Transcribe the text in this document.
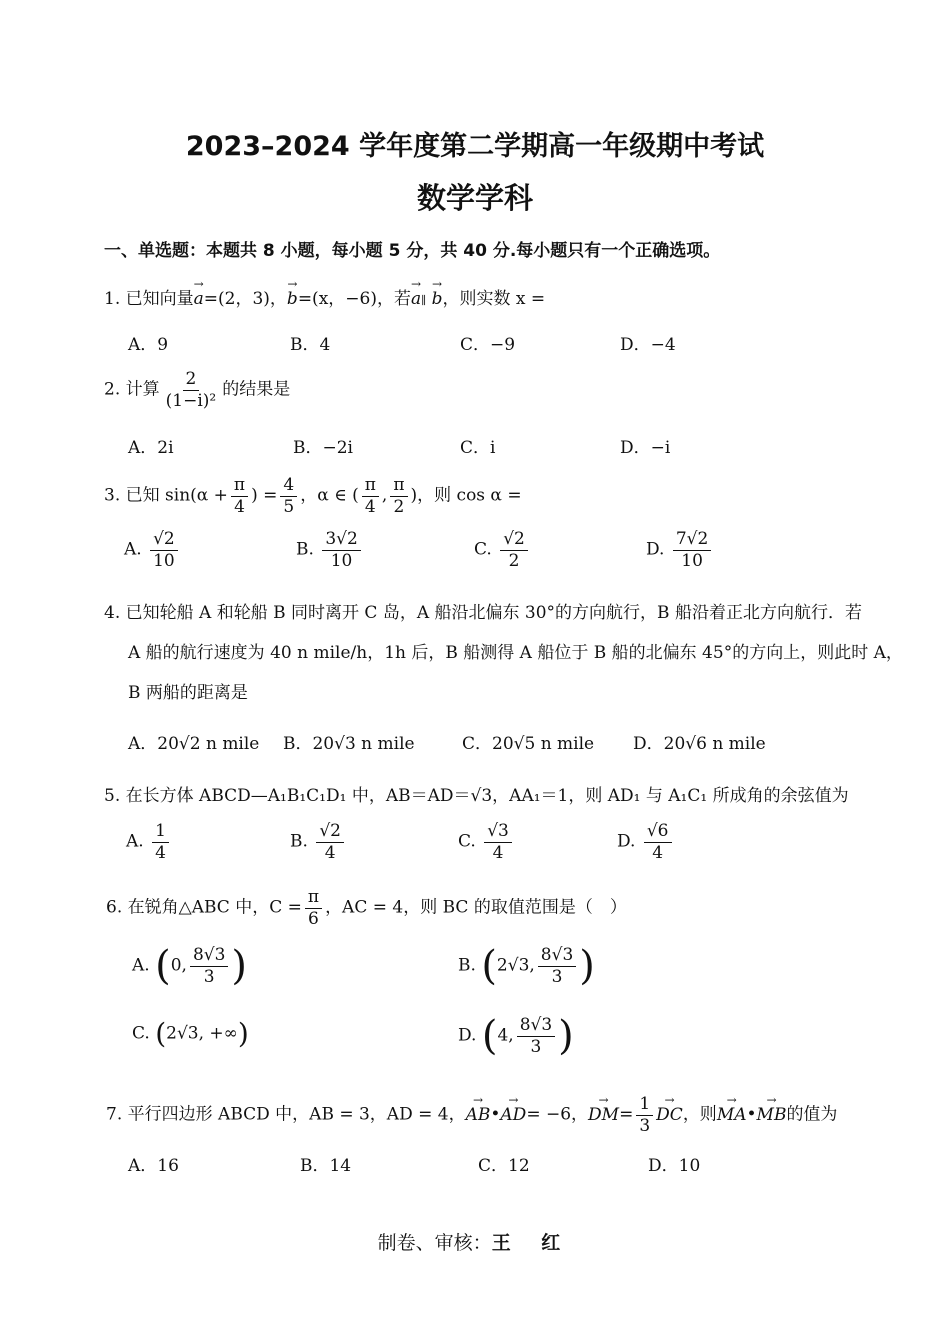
2023–2024 学年度第二学期高一年级期中考试
数学学科
一、单选题：本题共 8 小题，每小题 5 分，共 40 分.每小题只有一个正确选项。
1. 已知向量→ a=(2，3)，→ b=(x，−6)，若→ a∥ → b，则实数 x =
A．9	B．4	C．−9	D．−4
2. 计算 $\frac{2}{\text{(1−i)²}}$ 的结果是
A．2i	B．−2i	C．i	D．−i
3. 已知 $\sin(\alpha + \frac{\pi}{4}$ ) = $\frac{4}{5}$ ，α ∈ ( $\frac{\pi}{4}$ , $\frac{\pi}{2}$ )，则 cos α =
A. $\frac{√2}{10}$	B. $\frac{3√2}{10}$	C. $\frac{√2}{2}$	D. $\frac{7√2}{10}$
4. 已知轮船 A 和轮船 B 同时离开 C 岛，A 船沿北偏东 30°的方向航行，B 船沿着正北方向航行．若
A 船的航行速度为 40 n mile/h，1h 后，B 船测得 A 船位于 B 船的北偏东 45°的方向上，则此时 A，
B 两船的距离是
A．20√2 n mile B．20√3 n mile	C．20√5 n mile D．20√6 n mile
5. 在长方体 ABCD—A₁B₁C₁D₁ 中，AB＝AD＝√3，AA₁＝1，则 AD₁ 与 A₁C₁ 所成角的余弦值为
A. $\frac{1}{4}$	B. $\frac{√2}{4}$	C. $\frac{√3}{4}$	D. $\frac{√6}{4}$
6. 在锐角△ABC 中，$C = \frac{\pi}{6}$ ，AC = 4，则 BC 的取值范围是（　）
A. (0, $\frac{8√3}{3}$ )	B. (2√3, $\frac{8√3}{3}$ )
C. (2√3, +∞)	D. (4, $\frac{8√3}{3}$ )
7. 平行四边形 ABCD 中，AB = 3，AD = 4，→ AB•→ AD= −6，→ $DM= \frac{1}{3}$ → DC，则→ MA•→ MB的值为
A．16	B．14	C．12	D．10
制卷、审核：王 红
